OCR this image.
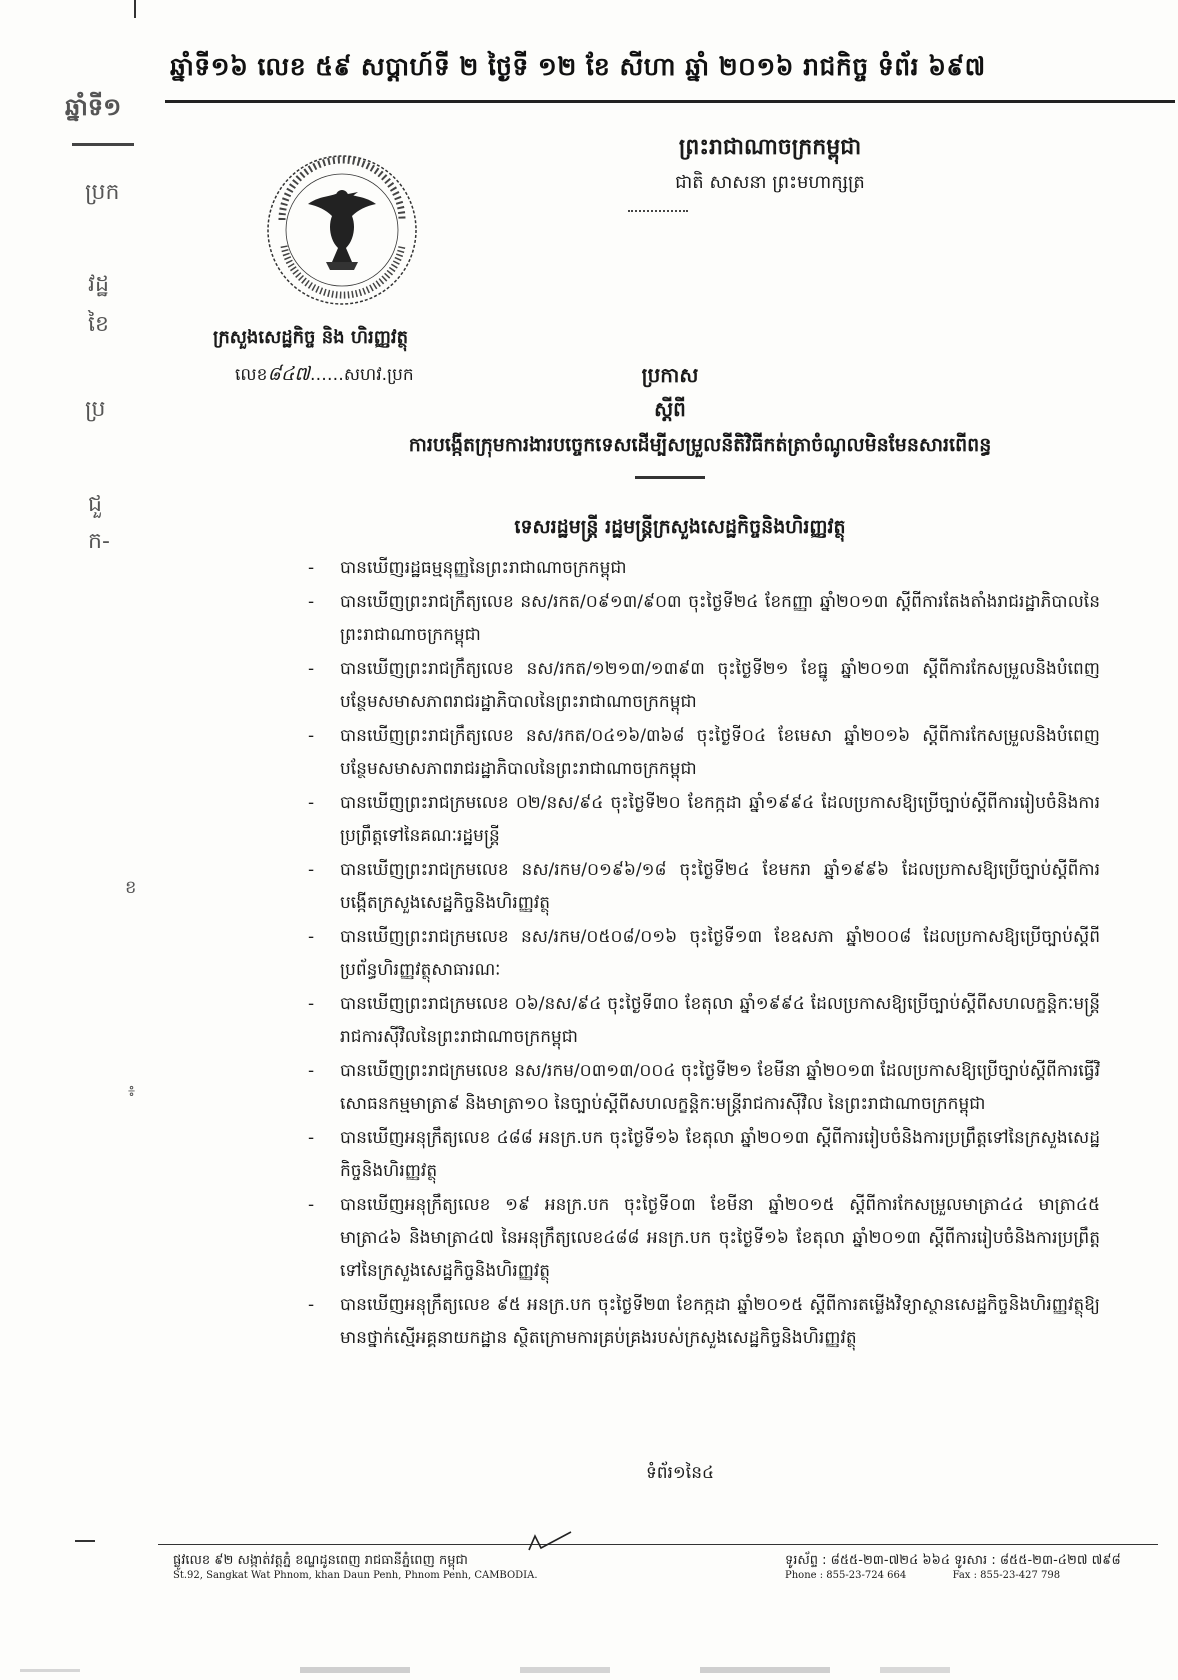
ឆ្នាំទី១៦ លេខ ៥៩ សប្តាហ៍ទី ២ ថ្ងៃទី ១២ ខែ សីហា ឆ្នាំ ២០១៦ រាជកិច្ច ទំព័រ ៦៩៧
ឆ្នាំទី១
ប្រក
វដ្ឋ
ខៃ
ប្រ
ជួ
ក-
ខ
៖
ព្រះរាជាណាចក្រកម្ពុជា
ជាតិ សាសនា ព្រះមហាក្សត្រ
ក្រសួងសេដ្ឋកិច្ច និង ហិរញ្ញវត្ថុ
លេខ៨៤៧……សហវ.ប្រក	ប្រកាស
ស្តីពី
ការបង្កើតក្រុមការងារបច្ចេកទេសដើម្បីសម្រួលនីតិវិធីកត់ត្រាចំណូលមិនមែនសារពើពន្ធ
ទេសរដ្ឋមន្ត្រី រដ្ឋមន្ត្រីក្រសួងសេដ្ឋកិច្ចនិងហិរញ្ញវត្ថុ
- បានឃើញរដ្ឋធម្មនុញ្ញនៃព្រះរាជាណាចក្រកម្ពុជា
- បានឃើញព្រះរាជក្រឹត្យលេខ នស/រកត/០៩១៣/៩០៣ ចុះថ្ងៃទី២៤ ខែកញ្ញា ឆ្នាំ២០១៣ ស្តីពីការតែងតាំងរាជរដ្ឋាភិបាលនៃព្រះរាជាណាចក្រកម្ពុជា
- បានឃើញព្រះរាជក្រឹត្យលេខ នស/រកត/១២១៣/១៣៩៣ ចុះថ្ងៃទី២១ ខែធ្នូ ឆ្នាំ២០១៣ ស្តីពីការកែសម្រួលនិងបំពេញបន្ថែមសមាសភាពរាជរដ្ឋាភិបាលនៃព្រះរាជាណាចក្រកម្ពុជា
- បានឃើញព្រះរាជក្រឹត្យលេខ នស/រកត/០៤១៦/៣៦៨ ចុះថ្ងៃទី០៤ ខែមេសា ឆ្នាំ២០១៦ ស្តីពីការកែសម្រួលនិងបំពេញបន្ថែមសមាសភាពរាជរដ្ឋាភិបាលនៃព្រះរាជាណាចក្រកម្ពុជា
- បានឃើញព្រះរាជក្រមលេខ ០២/នស/៩៤ ចុះថ្ងៃទី២០ ខែកក្កដា ឆ្នាំ១៩៩៤ ដែលប្រកាសឱ្យប្រើច្បាប់ស្តីពីការរៀបចំនិងការប្រព្រឹត្តទៅនៃគណៈរដ្ឋមន្ត្រី
- បានឃើញព្រះរាជក្រមលេខ នស/រកម/០១៩៦/១៨ ចុះថ្ងៃទី២៤ ខែមករា ឆ្នាំ១៩៩៦ ដែលប្រកាសឱ្យប្រើច្បាប់ស្តីពីការបង្កើតក្រសួងសេដ្ឋកិច្ចនិងហិរញ្ញវត្ថុ
- បានឃើញព្រះរាជក្រមលេខ នស/រកម/០៥០៨/០១៦ ចុះថ្ងៃទី១៣ ខែឧសភា ឆ្នាំ២០០៨ ដែលប្រកាសឱ្យប្រើច្បាប់ស្តីពីប្រព័ន្ធហិរញ្ញវត្ថុសាធារណៈ
- បានឃើញព្រះរាជក្រមលេខ ០៦/នស/៩៤ ចុះថ្ងៃទី៣០ ខែតុលា ឆ្នាំ១៩៩៤ ដែលប្រកាសឱ្យប្រើច្បាប់ស្តីពីសហលក្ខន្តិកៈមន្ត្រីរាជការស៊ីវិលនៃព្រះរាជាណាចក្រកម្ពុជា
- បានឃើញព្រះរាជក្រមលេខ នស/រកម/០៣១៣/០០៤ ចុះថ្ងៃទី២១ ខែមីនា ឆ្នាំ២០១៣ ដែលប្រកាសឱ្យប្រើច្បាប់ស្តីពីការធ្វើវិសោធនកម្មមាត្រា៩ និងមាត្រា១០ នៃច្បាប់ស្តីពីសហលក្ខន្តិកៈមន្ត្រីរាជការស៊ីវិល នៃព្រះរាជាណាចក្រកម្ពុជា
- បានឃើញអនុក្រឹត្យលេខ ៤៨៨ អនក្រ.បក ចុះថ្ងៃទី១៦ ខែតុលា ឆ្នាំ២០១៣ ស្តីពីការរៀបចំនិងការប្រព្រឹត្តទៅនៃក្រសួងសេដ្ឋកិច្ចនិងហិរញ្ញវត្ថុ
- បានឃើញអនុក្រឹត្យលេខ ១៩ អនក្រ.បក ចុះថ្ងៃទី០៣ ខែមីនា ឆ្នាំ២០១៥ ស្តីពីការកែសម្រួលមាត្រា៤៤ មាត្រា៤៥ មាត្រា៤៦ និងមាត្រា៤៧ នៃអនុក្រឹត្យលេខ៤៨៨ អនក្រ.បក ចុះថ្ងៃទី១៦ ខែតុលា ឆ្នាំ២០១៣ ស្តីពីការរៀបចំនិងការប្រព្រឹត្តទៅនៃក្រសួងសេដ្ឋកិច្ចនិងហិរញ្ញវត្ថុ
- បានឃើញអនុក្រឹត្យលេខ ៩៥ អនក្រ.បក ចុះថ្ងៃទី២៣ ខែកក្កដា ឆ្នាំ២០១៥ ស្តីពីការតម្លើងវិទ្យាស្ថានសេដ្ឋកិច្ចនិងហិរញ្ញវត្ថុឱ្យមានថ្នាក់ស្មើអគ្គនាយកដ្ឋាន ស្ថិតក្រោមការគ្រប់គ្រងរបស់ក្រសួងសេដ្ឋកិច្ចនិងហិរញ្ញវត្ថុ
ទំព័រ១នៃ៤
ផ្លូវលេខ ៩២ សង្កាត់វត្តភ្នំ ខណ្ឌដូនពេញ រាជធានីភ្នំពេញ កម្ពុជា
St.92, Sangkat Wat Phnom, khan Daun Penh, Phnom Penh, CAMBODIA.
ទូរស័ព្ទ : ៨៥៥-២៣-៧២៤ ៦៦៤ ទូរសារ : ៨៥៥-២៣-៤២៧ ៧៩៨
Phone : 855-23-724 664	Fax : 855-23-427 798
